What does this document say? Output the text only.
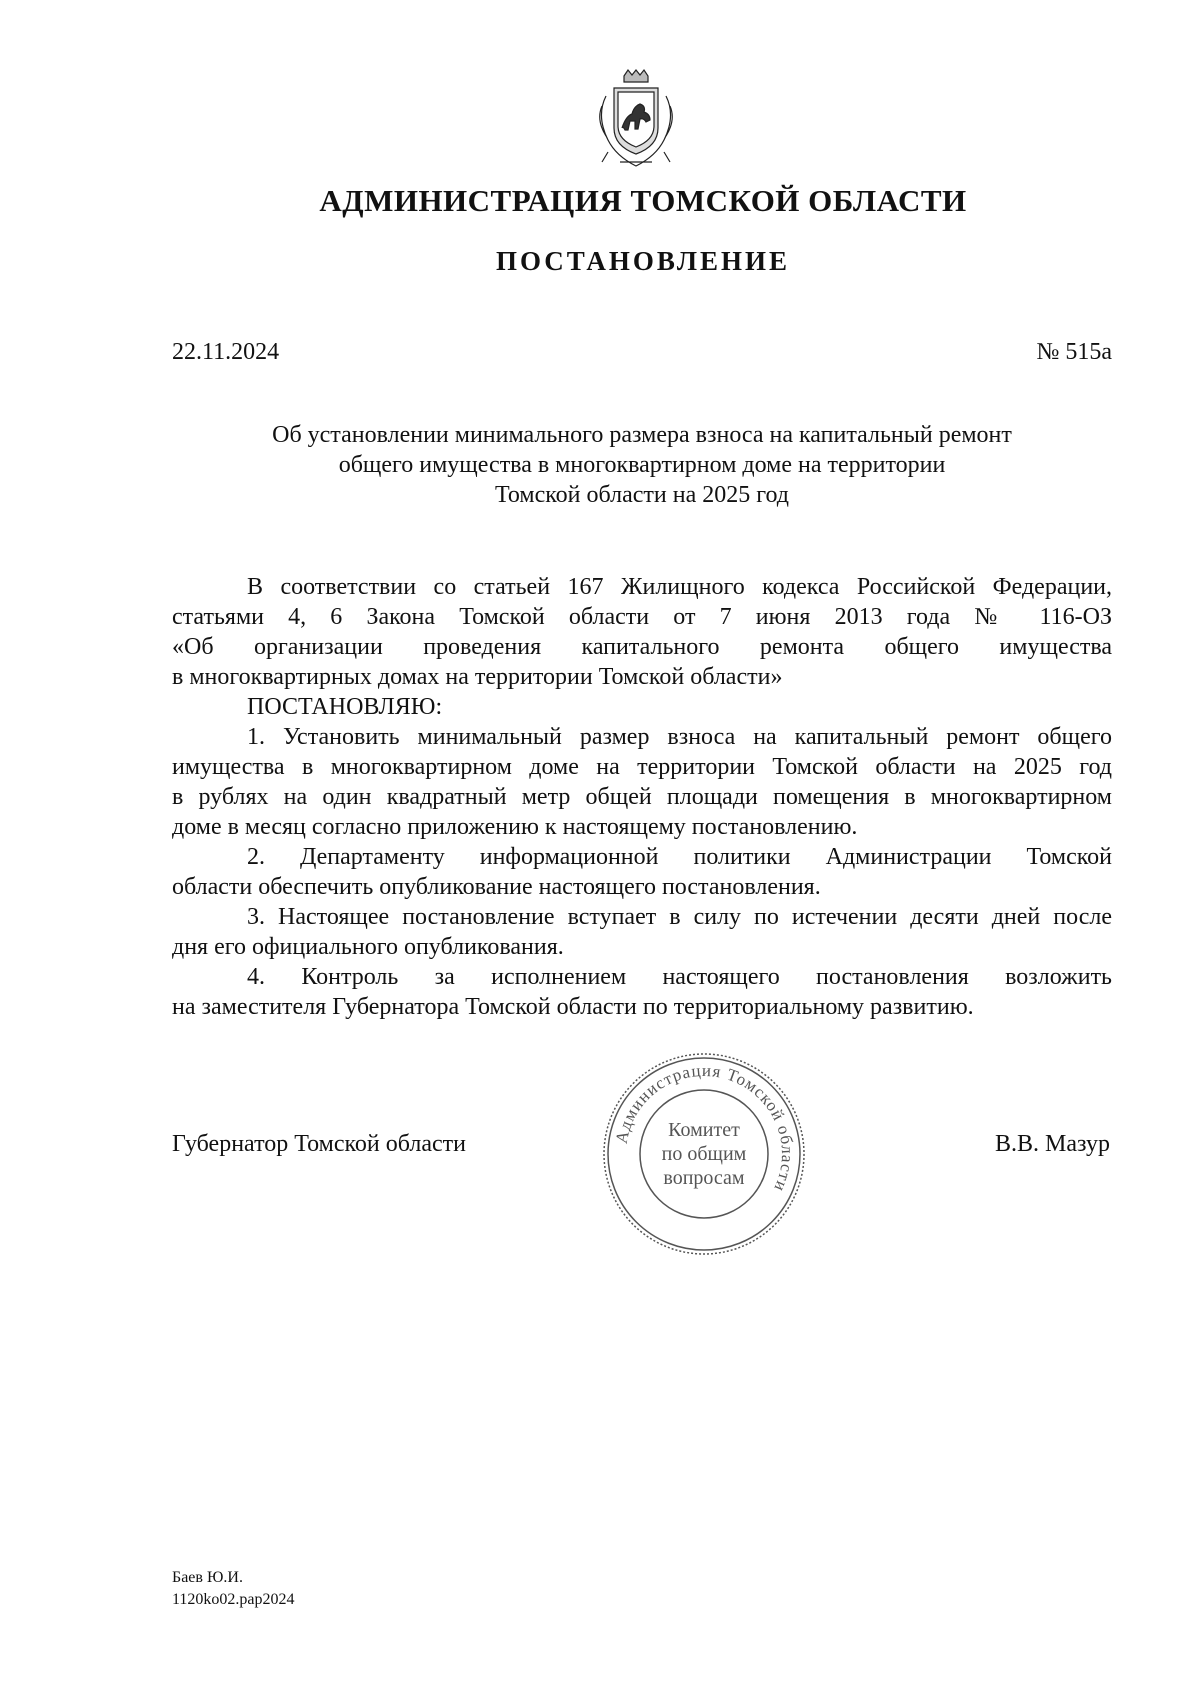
АДМИНИСТРАЦИЯ ТОМСКОЙ ОБЛАСТИ
ПОСТАНОВЛЕНИЕ
22.11.2024	№ 515а
Об установлении минимального размера взноса на капитальный ремонт
общего имущества в многоквартирном доме на территории
Томской области на 2025 год
В соответствии со статьей 167 Жилищного кодекса Российской Федерации,
статьями 4, 6 Закона Томской области от 7 июня 2013 года № 116-ОЗ
«Об организации проведения капитального ремонта общего имущества
в многоквартирных домах на территории Томской области»
ПОСТАНОВЛЯЮ:
1. Установить минимальный размер взноса на капитальный ремонт общего
имущества в многоквартирном доме на территории Томской области на 2025 год
в рублях на один квадратный метр общей площади помещения в многоквартирном
доме в месяц согласно приложению к настоящему постановлению.
2. Департаменту информационной политики Администрации Томской
области обеспечить опубликование настоящего постановления.
3. Настоящее постановление вступает в силу по истечении десяти дней после
дня его официального опубликования.
4. Контроль за исполнением настоящего постановления возложить
на заместителя Губернатора Томской области по территориальному развитию.
Губернатор Томской области	В.В. Мазур
Администрация Томской области
Комитет
по общим
вопросам
Баев Ю.И.
1120ko02.pap2024
